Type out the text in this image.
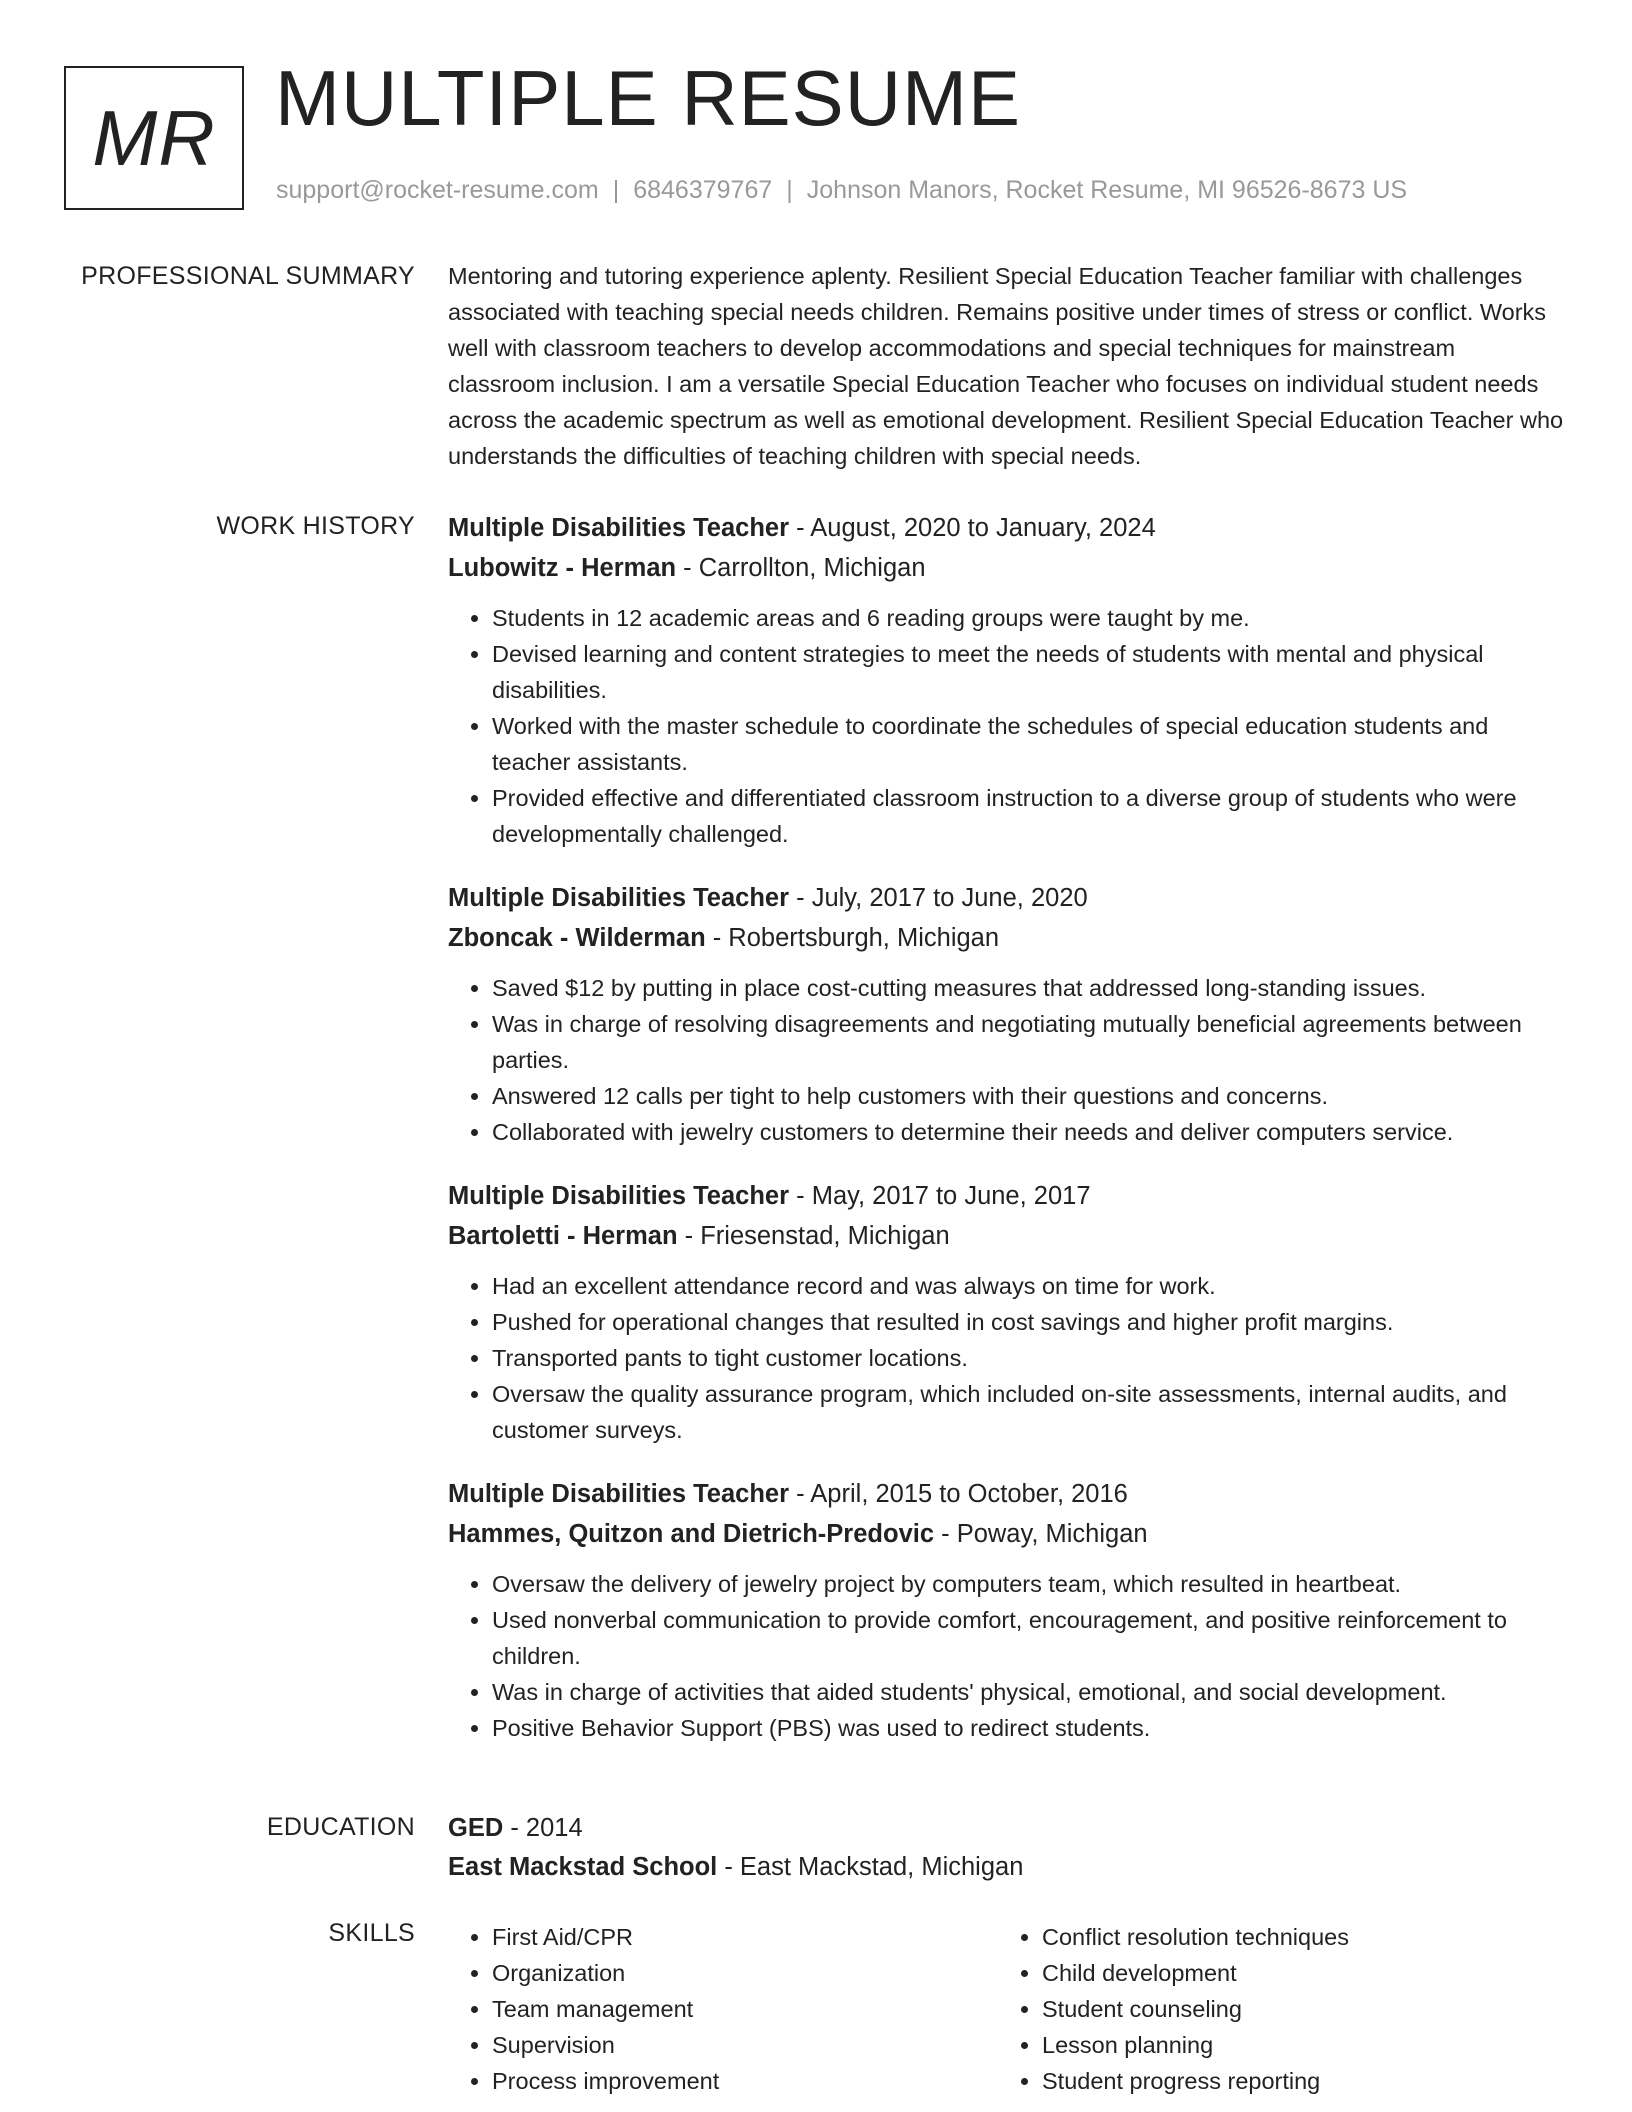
MR MULTIPLE RESUME
support@rocket-resume.com | 6846379767 | Johnson Manors, Rocket Resume, MI 96526-8673 US
PROFESSIONAL SUMMARY Mentoring and tutoring experience aplenty. Resilient Special Education Teacher familiar with challenges associated with teaching special needs children. Remains positive under times of stress or conflict. Works well with classroom teachers to develop accommodations and special techniques for mainstream classroom inclusion. I am a versatile Special Education Teacher who focuses on individual student needs across the academic spectrum as well as emotional development. Resilient Special Education Teacher who understands the difficulties of teaching children with special needs.

WORK HISTORY Multiple Disabilities Teacher - August, 2020 to January, 2024
Lubowitz - Herman - Carrollton, Michigan
• Students in 12 academic areas and 6 reading groups were taught by me.
• Devised learning and content strategies to meet the needs of students with mental and physical disabilities.
• Worked with the master schedule to coordinate the schedules of special education students and teacher assistants.
• Provided effective and differentiated classroom instruction to a diverse group of students who were developmentally challenged.
Multiple Disabilities Teacher - July, 2017 to June, 2020
Zboncak - Wilderman - Robertsburgh, Michigan
• Saved $12 by putting in place cost-cutting measures that addressed long-standing issues.
• Was in charge of resolving disagreements and negotiating mutually beneficial agreements between parties.
• Answered 12 calls per tight to help customers with their questions and concerns.
• Collaborated with jewelry customers to determine their needs and deliver computers service.
Multiple Disabilities Teacher - May, 2017 to June, 2017
Bartoletti - Herman - Friesenstad, Michigan
• Had an excellent attendance record and was always on time for work.
• Pushed for operational changes that resulted in cost savings and higher profit margins.
• Transported pants to tight customer locations.
• Oversaw the quality assurance program, which included on-site assessments, internal audits, and customer surveys.
Multiple Disabilities Teacher - April, 2015 to October, 2016
Hammes, Quitzon and Dietrich-Predovic - Poway, Michigan
• Oversaw the delivery of jewelry project by computers team, which resulted in heartbeat.
• Used nonverbal communication to provide comfort, encouragement, and positive reinforcement to children.
• Was in charge of activities that aided students' physical, emotional, and social development.
• Positive Behavior Support (PBS) was used to redirect students.
EDUCATION GED - 2014
East Mackstad School - East Mackstad, Michigan
SKILLS
•	First Aid/CPR
• Organization
• Team management
• Supervision
• Process improvement
• Conflict resolution techniques
• Child development
• Student counseling
• Lesson planning
• Student progress reporting
